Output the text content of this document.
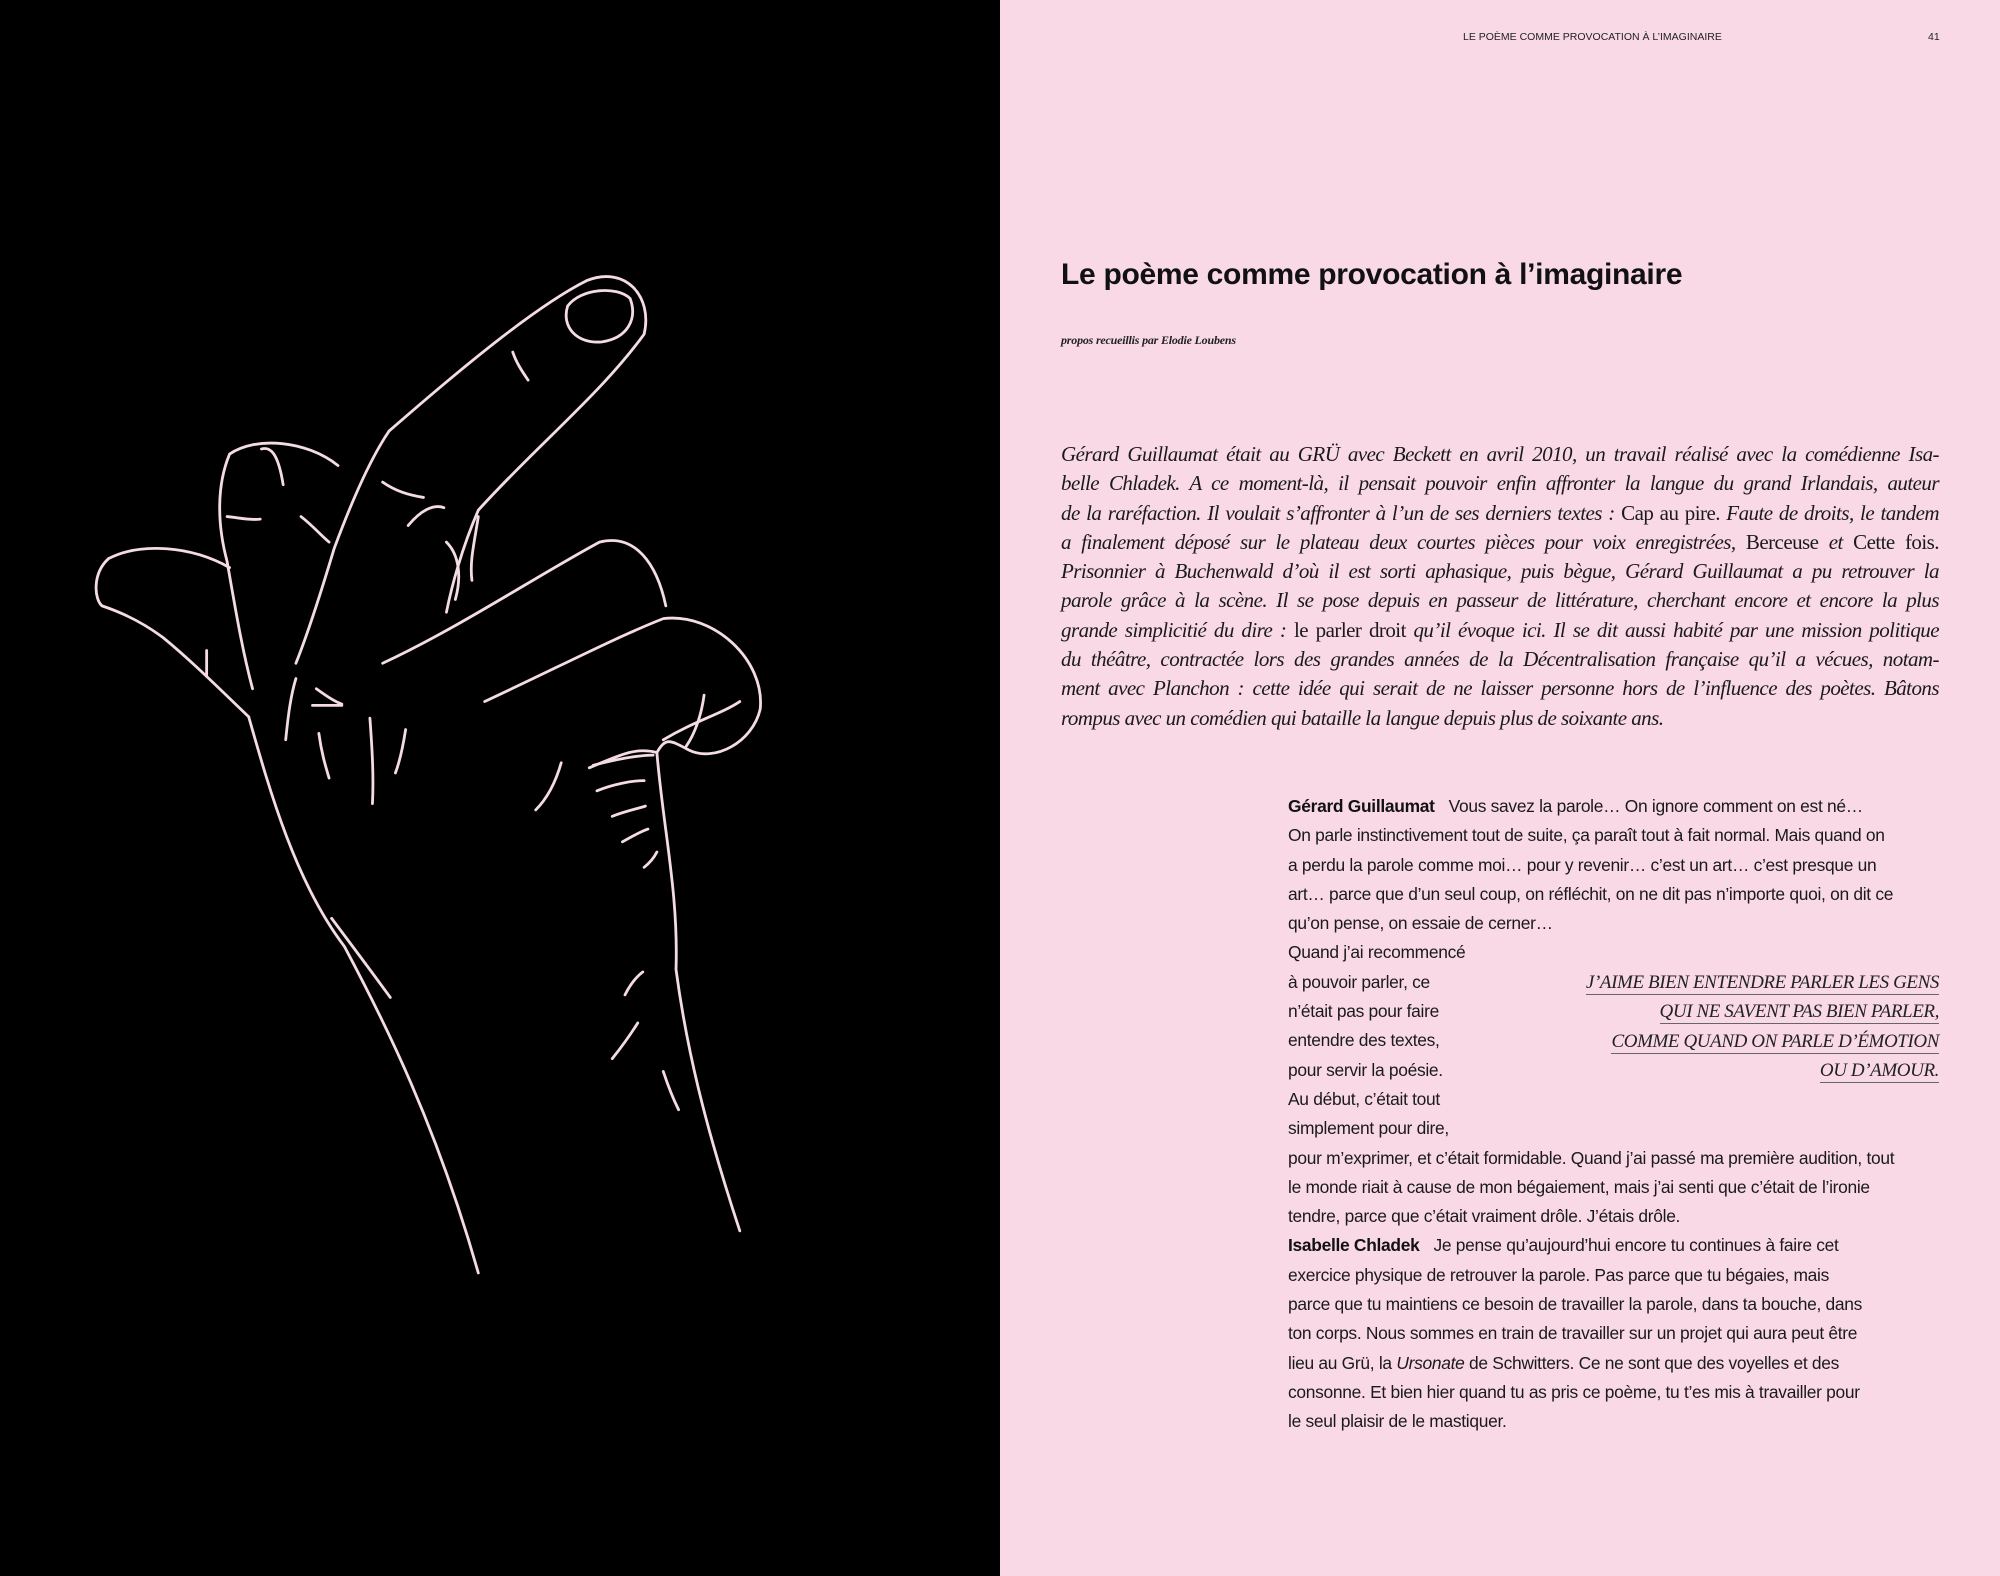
LE POÈME COMME PROVOCATION À L’IMAGINAIRE	41
Le poème comme provocation à l’imaginaire
propos recueillis par Elodie Loubens
Gérard Guillaumat était au GRÜ avec Beckett en avril 2010, un travail réalisé avec la comédienne Isa-
belle Chladek. A ce moment-là, il pensait pouvoir enfin affronter la langue du grand Irlandais, auteur
de la raréfaction. Il voulait s’affronter à l’un de ses derniers textes : Cap au pire. Faute de droits, le tandem
a finalement déposé sur le plateau deux courtes pièces pour voix enregistrées, Berceuse et Cette fois.
Prisonnier à Buchenwald d’où il est sorti aphasique, puis bègue, Gérard Guillaumat a pu retrouver la
parole grâce à la scène. Il se pose depuis en passeur de littérature, cherchant encore et encore la plus
grande simplicitié du dire : le parler droit qu’il évoque ici. Il se dit aussi habité par une mission politique
du théâtre, contractée lors des grandes années de la Décentralisation française qu’il a vécues, notam-
ment avec Planchon : cette idée qui serait de ne laisser personne hors de l’influence des poètes. Bâtons
rompus avec un comédien qui bataille la langue depuis plus de soixante ans.
Gérard Guillaumat Vous savez la parole… On ignore comment on est né…
On parle instinctivement tout de suite, ça paraît tout à fait normal. Mais quand on
a perdu la parole comme moi… pour y revenir… c’est un art… c’est presque un
art… parce que d’un seul coup, on réfléchit, on ne dit pas n’importe quoi, on dit ce
qu’on pense, on essaie de cerner…
Quand j’ai recommencé
à pouvoir parler, ce
n’était pas pour faire
entendre des textes,
pour servir la poésie.
Au début, c’était tout
simplement pour dire,
pour m’exprimer, et c’était formidable. Quand j’ai passé ma première audition, tout
le monde riait à cause de mon bégaiement, mais j’ai senti que c’était de l’ironie
tendre, parce que c’était vraiment drôle. J’étais drôle.
Isabelle Chladek Je pense qu’aujourd’hui encore tu continues à faire cet
exercice physique de retrouver la parole. Pas parce que tu bégaies, mais
parce que tu maintiens ce besoin de travailler la parole, dans ta bouche, dans
ton corps. Nous sommes en train de travailler sur un projet qui aura peut être
lieu au Grü, la Ursonate de Schwitters. Ce ne sont que des voyelles et des
consonne. Et bien hier quand tu as pris ce poème, tu t’es mis à travailler pour
le seul plaisir de le mastiquer.
J’AIME BIEN ENTENDRE PARLER LES GENS
QUI NE SAVENT PAS BIEN PARLER,
COMME QUAND ON PARLE D’ÉMOTION
OU D’AMOUR.
